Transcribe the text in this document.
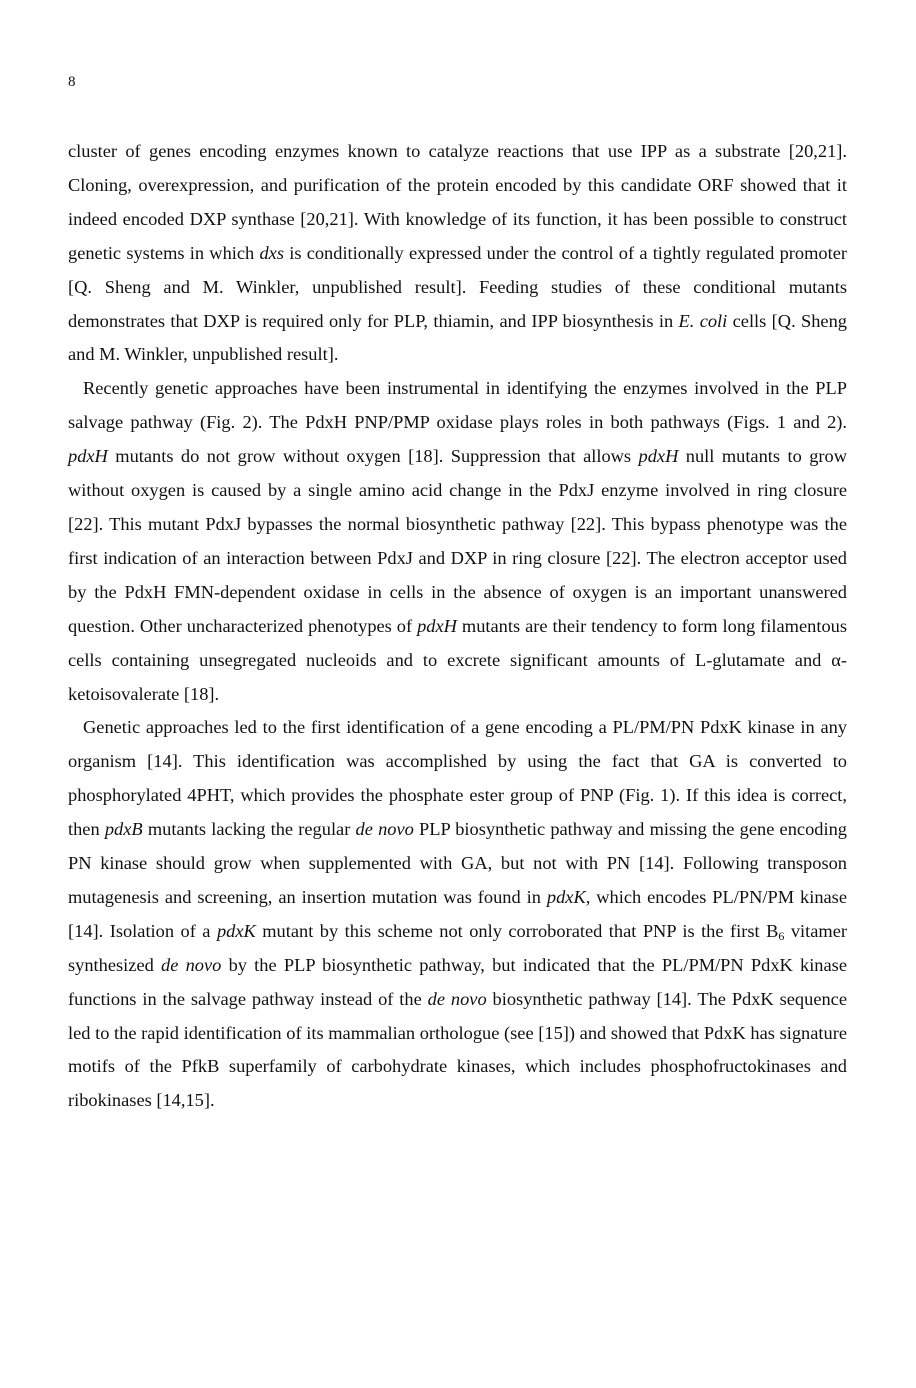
8

cluster of genes encoding enzymes known to catalyze reactions that use IPP as a substrate [20,21]. Cloning, overexpression, and purification of the protein encoded by this candidate ORF showed that it indeed encoded DXP synthase [20,21]. With knowledge of its function, it has been possible to construct genetic systems in which dxs is conditionally expressed under the control of a tightly regulated promoter [Q. Sheng and M. Winkler, unpublished result]. Feeding studies of these conditional mutants demonstrates that DXP is required only for PLP, thiamin, and IPP biosynthesis in E. coli cells [Q. Sheng and M. Winkler, unpublished result].

Recently genetic approaches have been instrumental in identifying the enzymes involved in the PLP salvage pathway (Fig. 2). The PdxH PNP/PMP oxidase plays roles in both pathways (Figs. 1 and 2). pdxH mutants do not grow without oxygen [18]. Suppression that allows pdxH null mutants to grow without oxygen is caused by a single amino acid change in the PdxJ enzyme involved in ring closure [22]. This mutant PdxJ bypasses the normal biosynthetic pathway [22]. This bypass phenotype was the first indication of an interaction between PdxJ and DXP in ring closure [22]. The electron acceptor used by the PdxH FMN-dependent oxidase in cells in the absence of oxygen is an important unanswered question. Other uncharacterized phenotypes of pdxH mutants are their tendency to form long filamentous cells containing unsegregated nucleoids and to excrete significant amounts of L-glutamate and α-ketoisovalerate [18].

Genetic approaches led to the first identification of a gene encoding a PL/PM/PN PdxK kinase in any organism [14]. This identification was accomplished by using the fact that GA is converted to phosphorylated 4PHT, which provides the phosphate ester group of PNP (Fig. 1). If this idea is correct, then pdxB mutants lacking the regular de novo PLP biosynthetic pathway and missing the gene encoding PN kinase should grow when supplemented with GA, but not with PN [14]. Following transposon mutagenesis and screening, an insertion mutation was found in pdxK, which encodes PL/PN/PM kinase [14]. Isolation of a pdxK mutant by this scheme not only corroborated that PNP is the first $B_6$ vitamer synthesized de novo by the PLP biosynthetic pathway, but indicated that the PL/PM/PN PdxK kinase functions in the salvage pathway instead of the de novo biosynthetic pathway [14]. The PdxK sequence led to the rapid identification of its mammalian orthologue (see [15]) and showed that PdxK has signature motifs of the PfkB superfamily of carbohydrate kinases, which includes phosphofructokinases and ribokinases [14,15].
